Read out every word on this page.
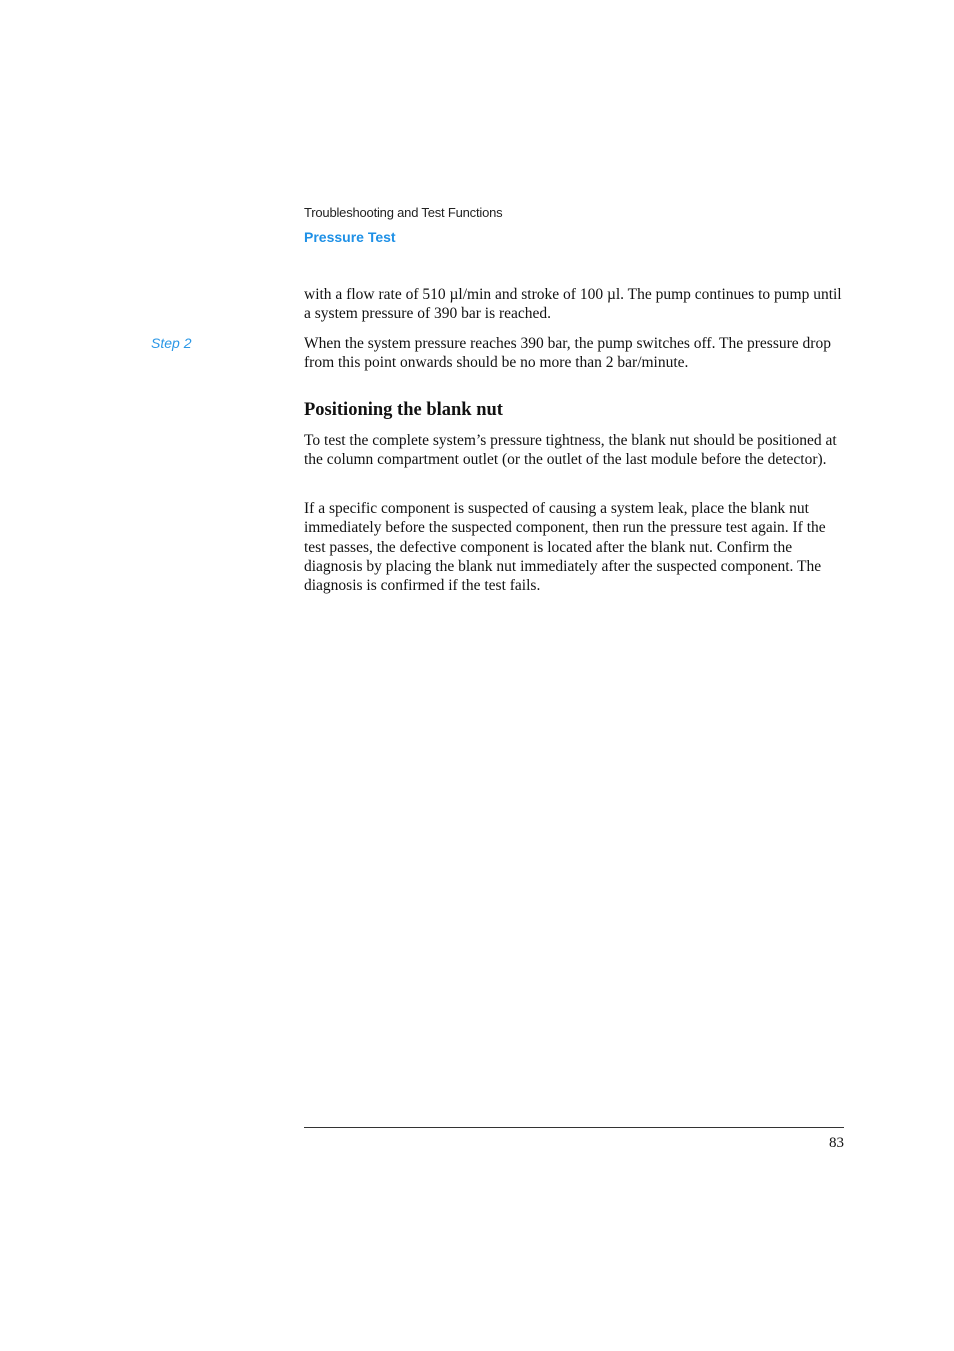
Troubleshooting and Test Functions
Pressure Test

with a flow rate of 510 µl/min and stroke of 100 µl. The pump continues to pump until a system pressure of 390 bar is reached.

Step 2	When the system pressure reaches 390 bar, the pump switches off. The pressure drop from this point onwards should be no more than 2 bar/minute.

Positioning the blank nut

To test the complete system’s pressure tightness, the blank nut should be positioned at the column compartment outlet (or the outlet of the last module before the detector).

If a specific component is suspected of causing a system leak, place the blank nut immediately before the suspected component, then run the pressure test again. If the test passes, the defective component is located after the blank nut. Confirm the diagnosis by placing the blank nut immediately after the suspected component. The diagnosis is confirmed if the test fails.

83
